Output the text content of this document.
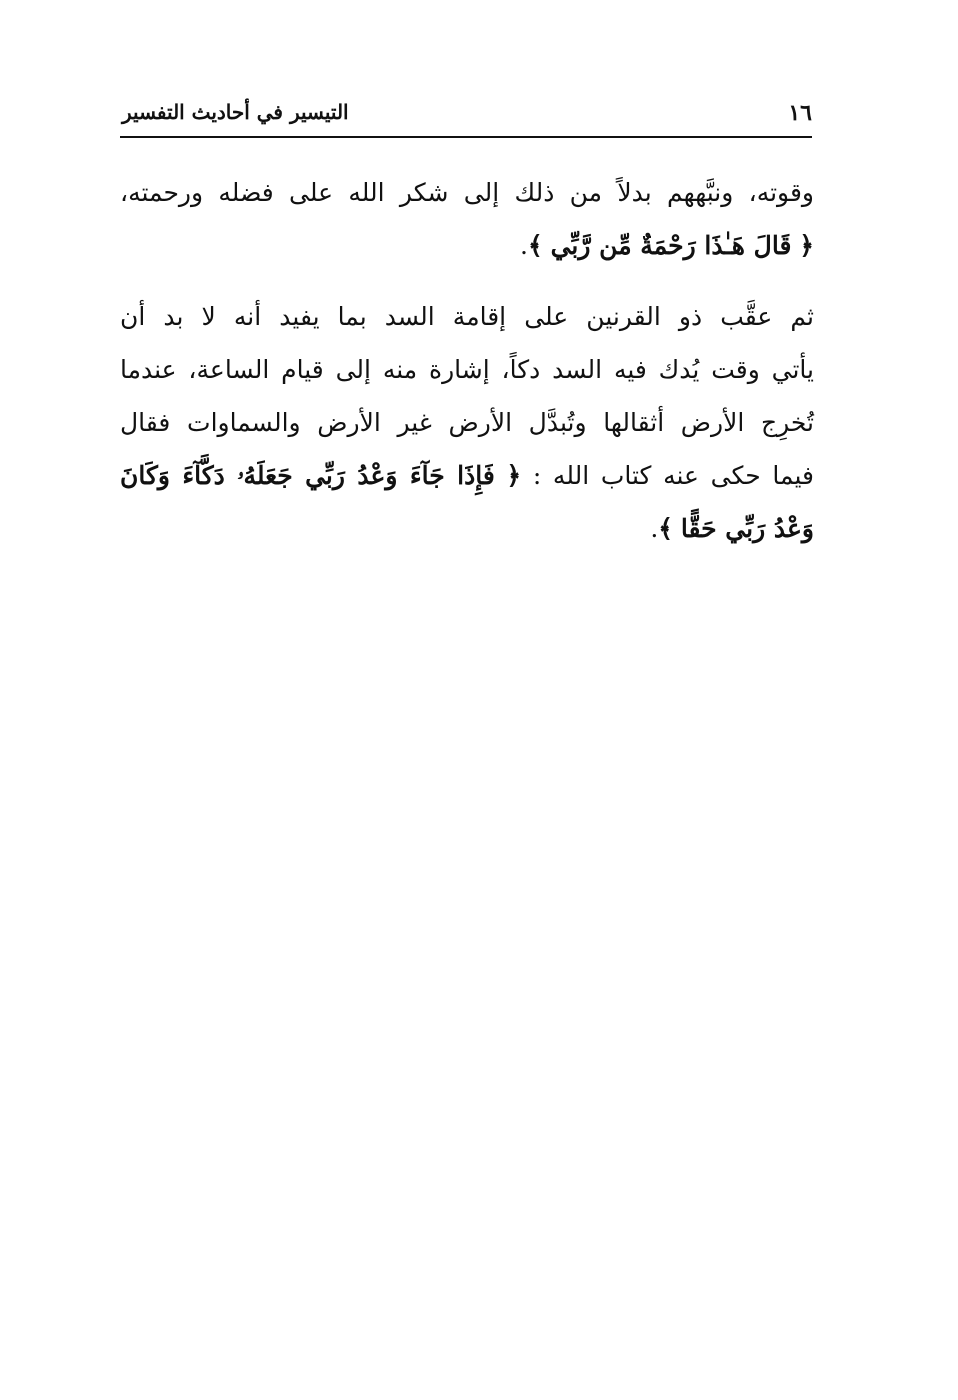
١٦
التيسير في أحاديث التفسير

وقوته، ونبَّههم بدلاً من ذلك إلى شكر الله على فضله ورحمته،
﴿ قَالَ هَـٰذَا رَحْمَةٌ مِّن رَّبِّي ﴾.

ثم عقَّب ذو القرنين على إقامة السد بما يفيد أنه لا بد أن
يأتي وقت يُدك فيه السد دكاً، إشارة منه إلى قيام الساعة، عندما
تُخرِج الأرض أثقالها وتُبدَّل الأرض غير الأرض والسماوات فقال
فيما حكى عنه كتاب الله : ﴿ فَإِذَا جَآءَ وَعْدُ رَبِّي جَعَلَهُۥ دَكَّآءَ وَكَانَ
وَعْدُ رَبِّي حَقًّا ﴾.
